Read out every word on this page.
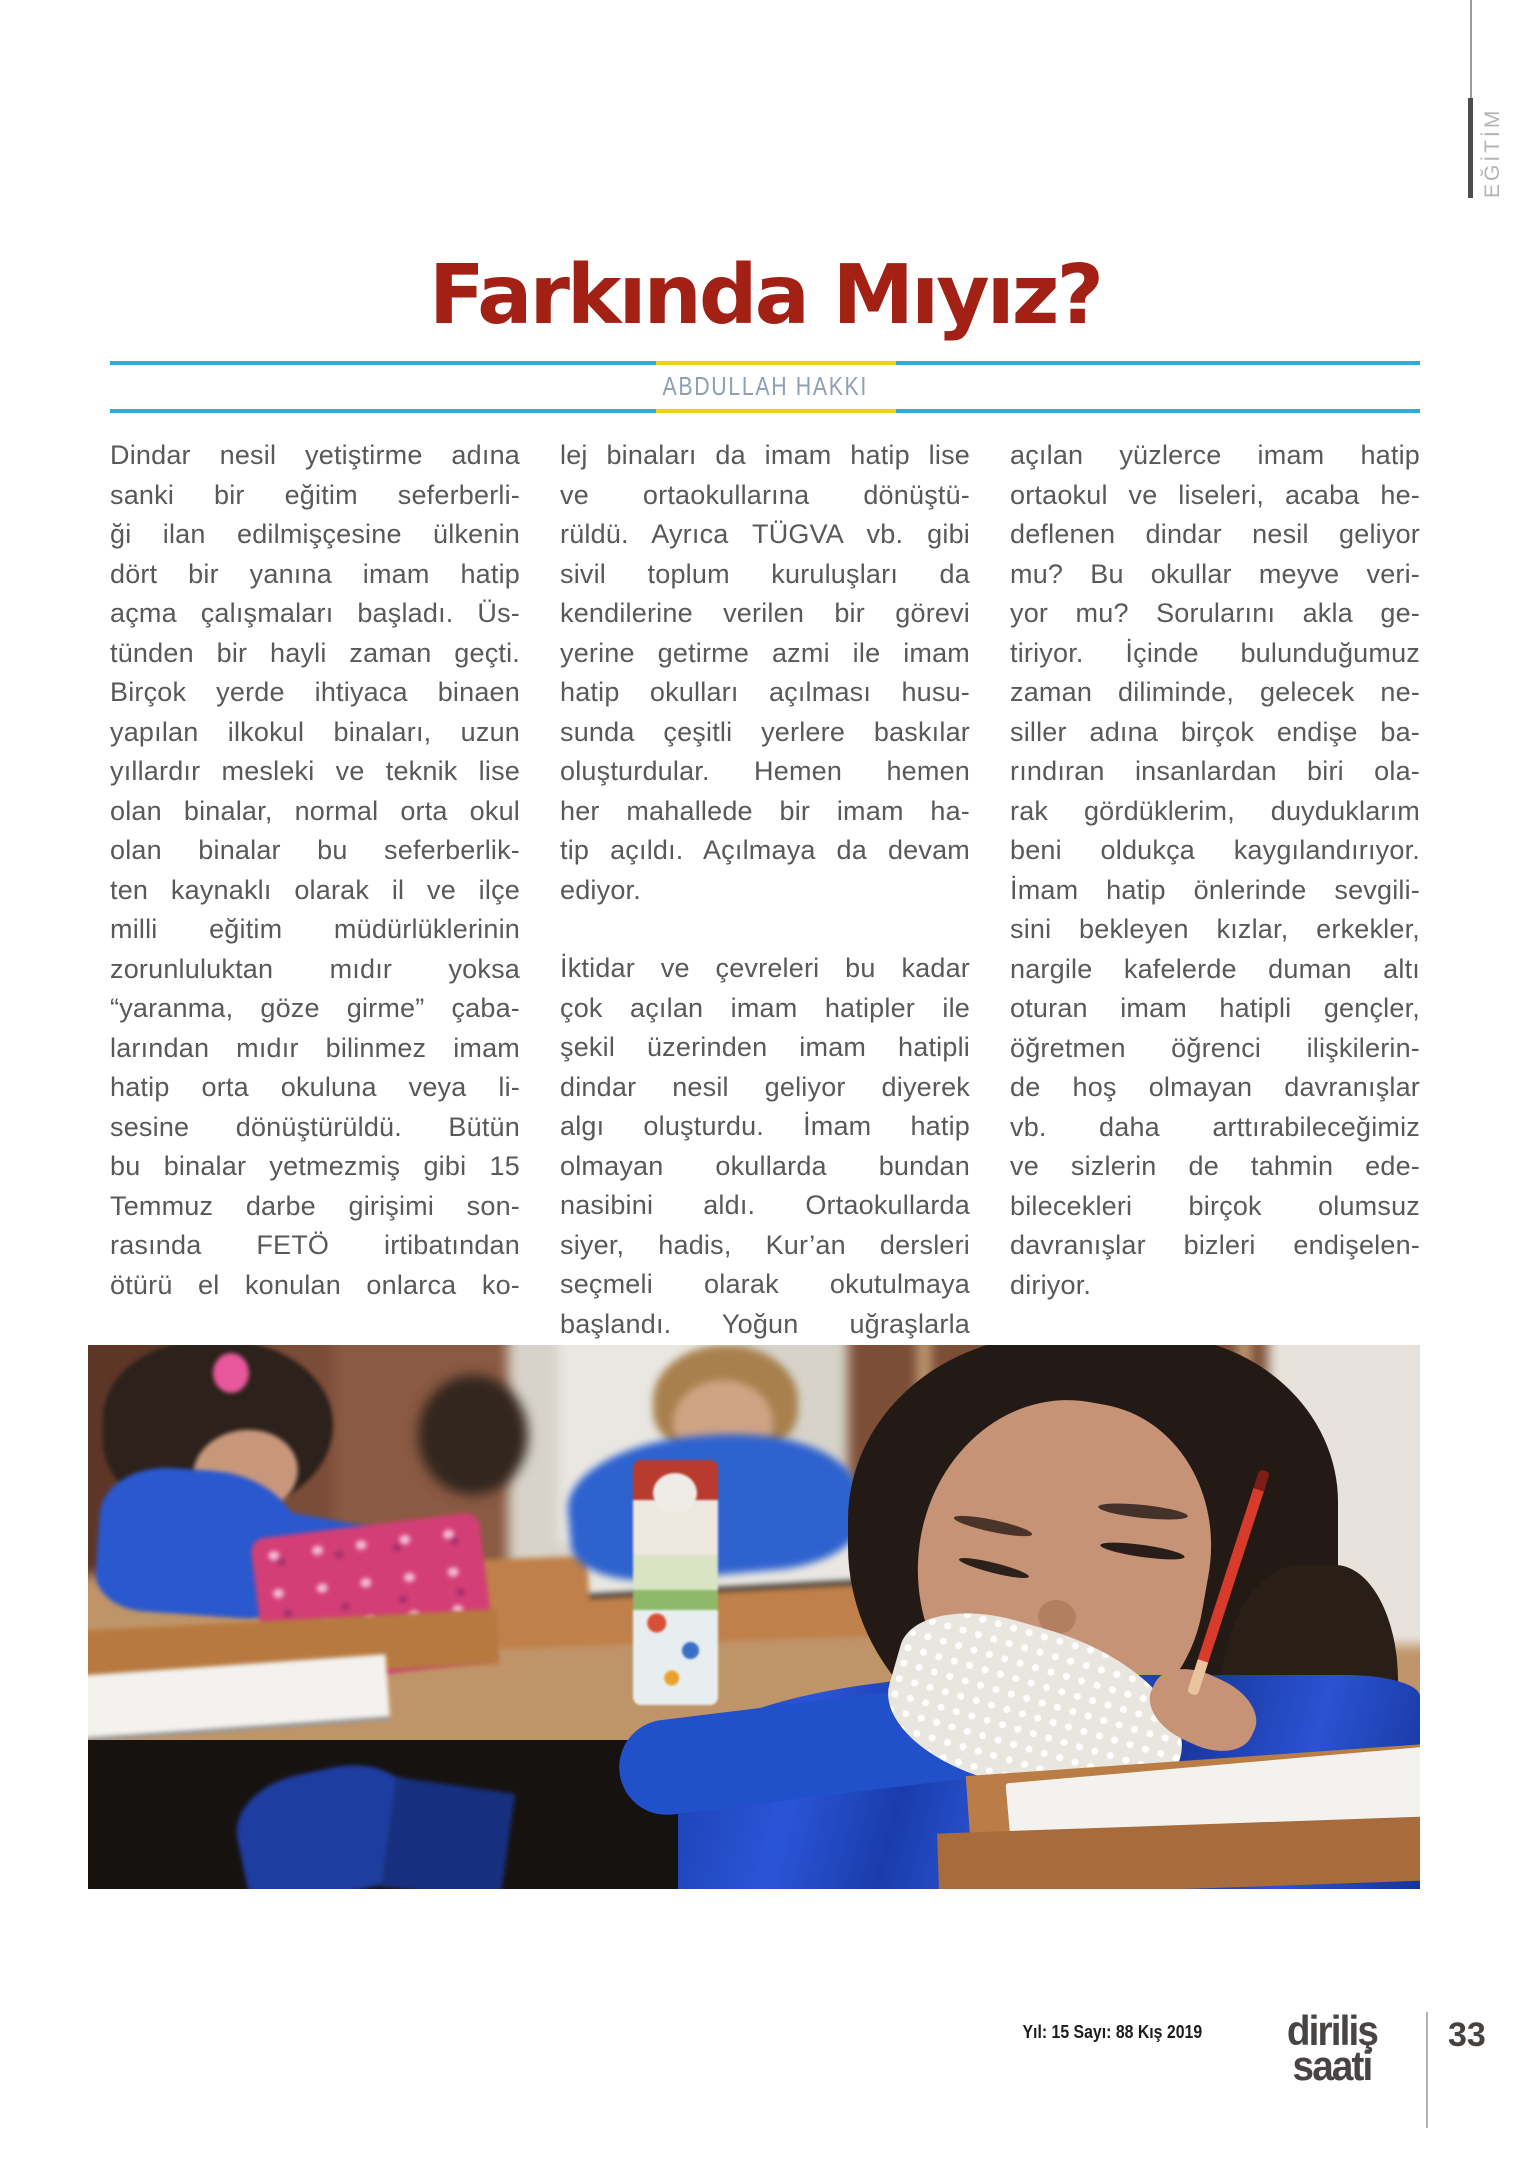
EĞİTİM
Farkında Mıyız?
ABDULLAH HAKKI
Dindar nesil yetiştirme adına
sanki bir eğitim seferberli-
ği ilan edilmişçesine ülkenin
dört bir yanına imam hatip
açma çalışmaları başladı. Üs-
tünden bir hayli zaman geçti.
Birçok yerde ihtiyaca binaen
yapılan ilkokul binaları, uzun
yıllardır mesleki ve teknik lise
olan binalar, normal orta okul
olan binalar bu seferberlik-
ten kaynaklı olarak il ve ilçe
milli eğitim müdürlüklerinin
zorunluluktan mıdır yoksa
“yaranma, göze girme” çaba-
larından mıdır bilinmez imam
hatip orta okuluna veya li-
sesine dönüştürüldü. Bütün
bu binalar yetmezmiş gibi 15
Temmuz darbe girişimi son-
rasında FETÖ irtibatından
ötürü el konulan onlarca ko-
lej binaları da imam hatip lise
ve ortaokullarına dönüştü-
rüldü. Ayrıca TÜGVA vb. gibi
sivil toplum kuruluşları da
kendilerine verilen bir görevi
yerine getirme azmi ile imam
hatip okulları açılması husu-
sunda çeşitli yerlere baskılar
oluşturdular. Hemen hemen
her mahallede bir imam ha-
tip açıldı. Açılmaya da devam
ediyor.
İktidar ve çevreleri bu kadar
çok açılan imam hatipler ile
şekil üzerinden imam hatipli
dindar nesil geliyor diyerek
algı oluşturdu. İmam hatip
olmayan okullarda bundan
nasibini aldı. Ortaokullarda
siyer, hadis, Kur’an dersleri
seçmeli olarak okutulmaya
başlandı. Yoğun uğraşlarla
açılan yüzlerce imam hatip
ortaokul ve liseleri, acaba he-
deflenen dindar nesil geliyor
mu? Bu okullar meyve veri-
yor mu? Sorularını akla ge-
tiriyor. İçinde bulunduğumuz
zaman diliminde, gelecek ne-
siller adına birçok endişe ba-
rındıran insanlardan biri ola-
rak gördüklerim, duyduklarım
beni oldukça kaygılandırıyor.
İmam hatip önlerinde sevgili-
sini bekleyen kızlar, erkekler,
nargile kafelerde duman altı
oturan imam hatipli gençler,
öğretmen öğrenci ilişkilerin-
de hoş olmayan davranışlar
vb. daha arttırabileceğimiz
ve sizlerin de tahmin ede-
bilecekleri birçok olumsuz
davranışlar bizleri endişelen-
diriyor.
Yıl: 15 Sayı: 88 Kış 2019	diriliş
saati
33
